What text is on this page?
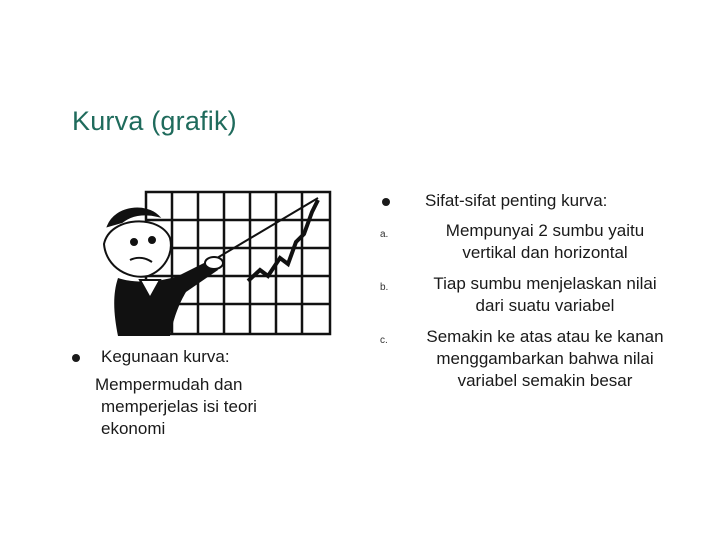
Kurva (grafik)
Kegunaan kurva:
Mempermudah dan memperjelas isi teori ekonomi
Sifat-sifat penting kurva:
a.	Mempunyai 2 sumbu yaitu vertikal dan horizontal
b.	Tiap sumbu menjelaskan nilai dari suatu variabel
c. Semakin ke atas atau ke kanan menggambarkan bahwa nilai variabel semakin besar
